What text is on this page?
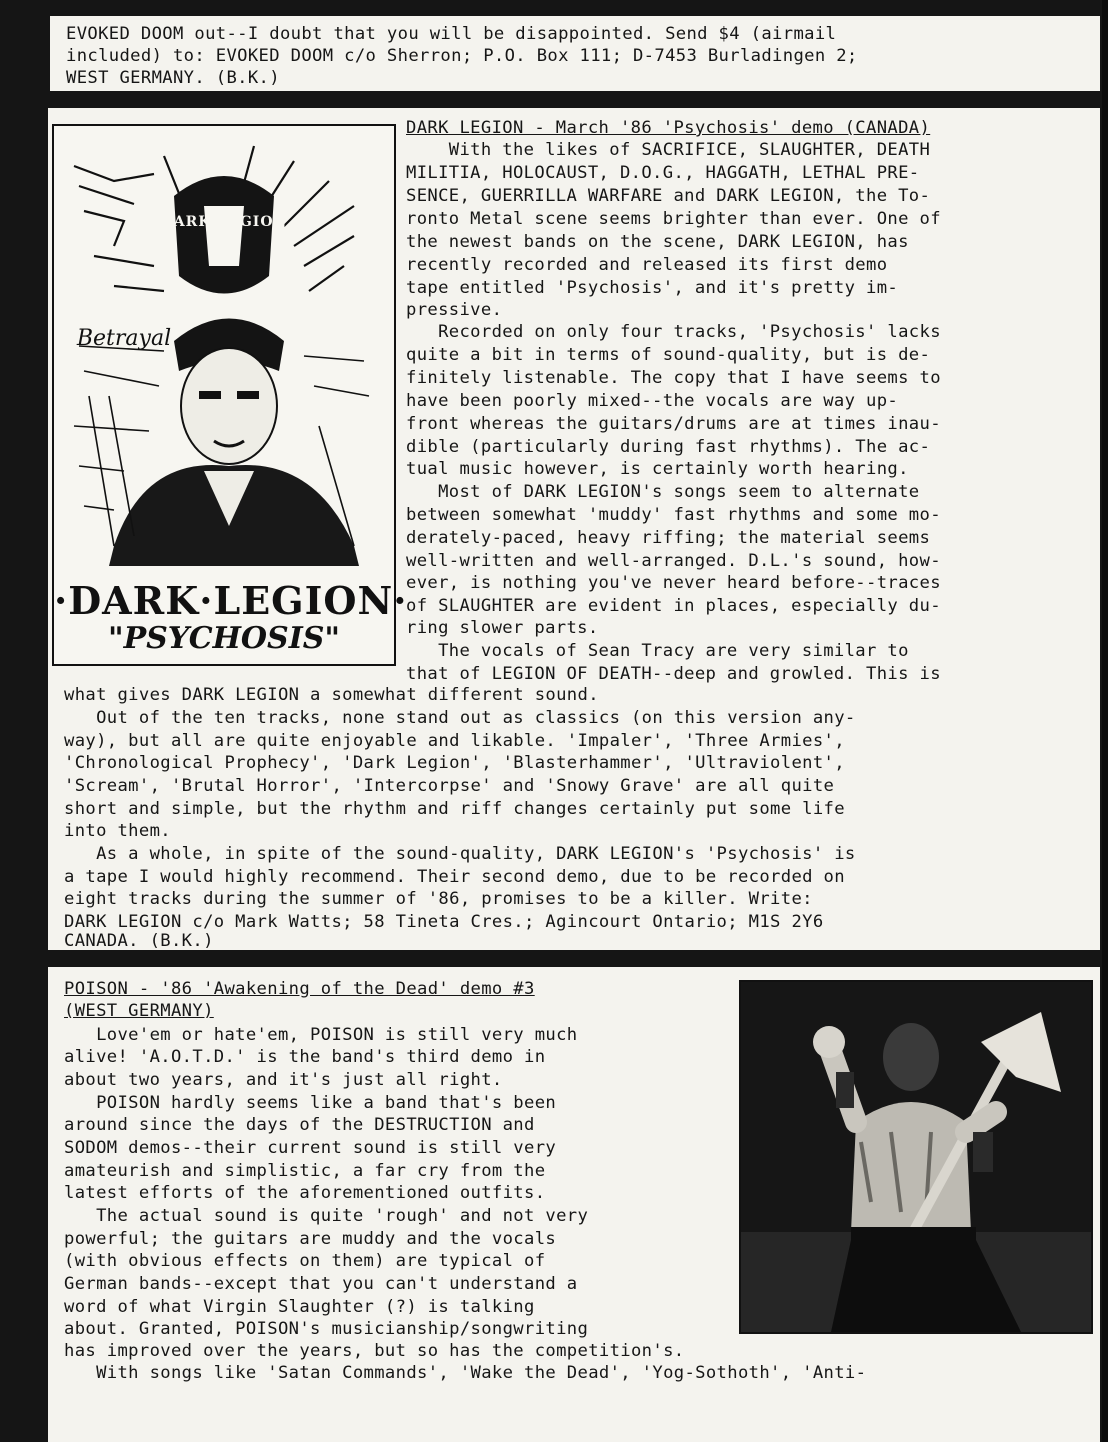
EVOKED DOOM out--I doubt that you will be disappointed. Send $4 (airmail
included) to: EVOKED DOOM c/o Sherron; P.O. Box 111; D-7453 Burladingen 2;
WEST GERMANY. (B.K.)
DARK LEGION
Betrayal
·DARK·LEGION·
"PSYCHOSIS"
DARK LEGION - March '86 'Psychosis' demo (CANADA)
With the likes of SACRIFICE, SLAUGHTER, DEATH
MILITIA, HOLOCAUST, D.O.G., HAGGATH, LETHAL PRE-
SENCE, GUERRILLA WARFARE and DARK LEGION, the To-
ronto Metal scene seems brighter than ever. One of
the newest bands on the scene, DARK LEGION, has
recently recorded and released its first demo
tape entitled 'Psychosis', and it's pretty im-
pressive.
Recorded on only four tracks, 'Psychosis' lacks
quite a bit in terms of sound-quality, but is de-
finitely listenable. The copy that I have seems to
have been poorly mixed--the vocals are way up-
front whereas the guitars/drums are at times inau-
dible (particularly during fast rhythms). The ac-
tual music however, is certainly worth hearing.
Most of DARK LEGION's songs seem to alternate
between somewhat 'muddy' fast rhythms and some mo-
derately-paced, heavy riffing; the material seems
well-written and well-arranged. D.L.'s sound, how-
ever, is nothing you've never heard before--traces
of SLAUGHTER are evident in places, especially du-
ring slower parts.
The vocals of Sean Tracy are very similar to
that of LEGION OF DEATH--deep and growled. This is
what gives DARK LEGION a somewhat different sound.
Out of the ten tracks, none stand out as classics (on this version any-
way), but all are quite enjoyable and likable. 'Impaler', 'Three Armies',
'Chronological Prophecy', 'Dark Legion', 'Blasterhammer', 'Ultraviolent',
'Scream', 'Brutal Horror', 'Intercorpse' and 'Snowy Grave' are all quite
short and simple, but the rhythm and riff changes certainly put some life
into them.
As a whole, in spite of the sound-quality, DARK LEGION's 'Psychosis' is
a tape I would highly recommend. Their second demo, due to be recorded on
eight tracks during the summer of '86, promises to be a killer. Write:
DARK LEGION c/o Mark Watts; 58 Tineta Cres.; Agincourt Ontario; M1S 2Y6
CANADA. (B.K.)
POISON - '86 'Awakening of the Dead' demo #3
(WEST GERMANY)
Love'em or hate'em, POISON is still very much
alive! 'A.O.T.D.' is the band's third demo in
about two years, and it's just all right.
POISON hardly seems like a band that's been
around since the days of the DESTRUCTION and
SODOM demos--their current sound is still very
amateurish and simplistic, a far cry from the
latest efforts of the aforementioned outfits.
The actual sound is quite 'rough' and not very
powerful; the guitars are muddy and the vocals
(with obvious effects on them) are typical of
German bands--except that you can't understand a
word of what Virgin Slaughter (?) is talking
about. Granted, POISON's musicianship/songwriting
has improved over the years, but so has the competition's.
With songs like 'Satan Commands', 'Wake the Dead', 'Yog-Sothoth', 'Anti-
